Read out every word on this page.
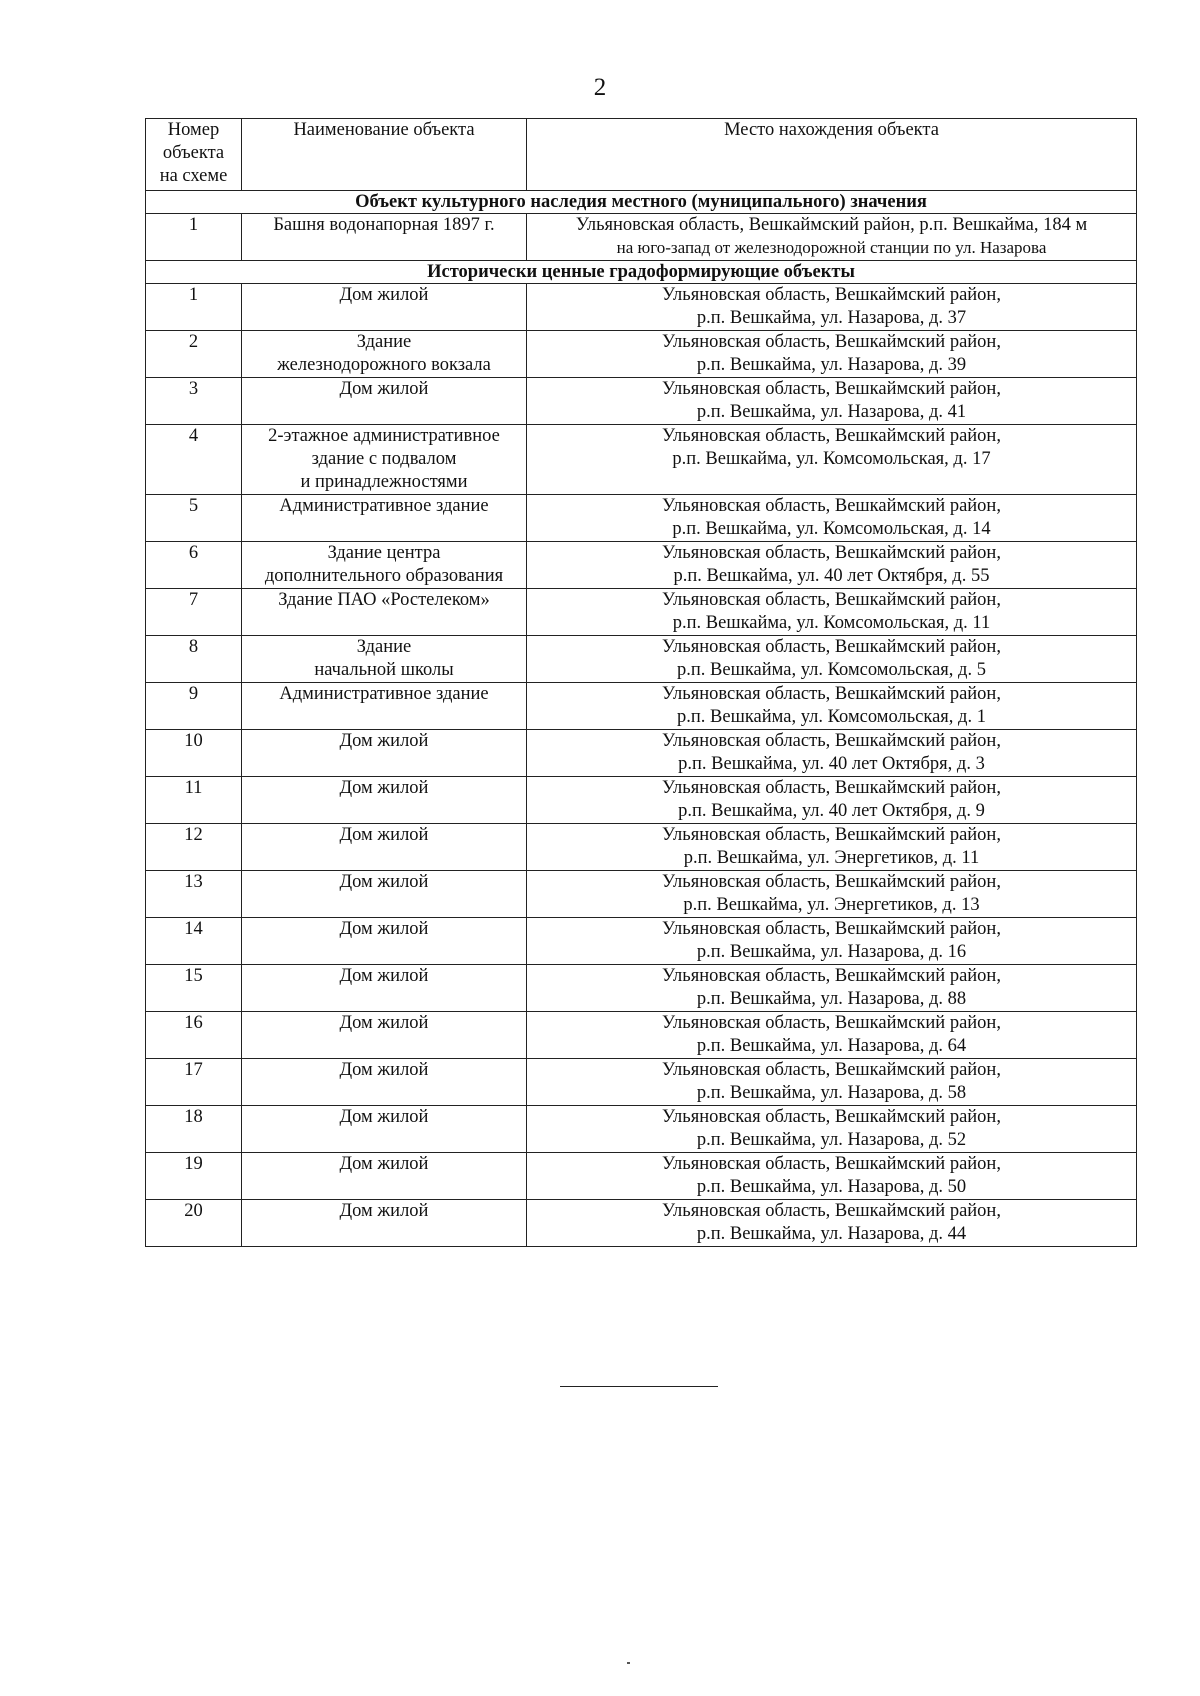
2
Номер
объекта
на схеме	Наименование объекта	Место нахождения объекта
Объект культурного наследия местного (муниципального) значения		
1	Башня водонапорная 1897 г.	Ульяновская область, Вешкаймский район, р.п. Вешкайма, 184 м
на юго-запад от железнодорожной станции по ул. Назарова

Исторически ценные градоформирующие объекты		
1	Дом жилой	Ульяновская область, Вешкаймский район,
р.п. Вешкайма, ул. Назарова, д. 37

2	Здание
железнодорожного вокзала	Ульяновская область, Вешкаймский район,
р.п. Вешкайма, ул. Назарова, д. 39

3	Дом жилой	Ульяновская область, Вешкаймский район,
р.п. Вешкайма, ул. Назарова, д. 41

4	2-этажное административное
здание с подвалом
и принадлежностями	Ульяновская область, Вешкаймский район,
р.п. Вешкайма, ул. Комсомольская, д. 17

5	Административное здание	Ульяновская область, Вешкаймский район,
р.п. Вешкайма, ул. Комсомольская, д. 14

6	Здание центра
дополнительного образования	Ульяновская область, Вешкаймский район,
р.п. Вешкайма, ул. 40 лет Октября, д. 55

7	Здание ПАО «Ростелеком»	Ульяновская область, Вешкаймский район,
р.п. Вешкайма, ул. Комсомольская, д. 11

8	Здание
начальной школы	Ульяновская область, Вешкаймский район,
р.п. Вешкайма, ул. Комсомольская, д. 5

9	Административное здание	Ульяновская область, Вешкаймский район,
р.п. Вешкайма, ул. Комсомольская, д. 1

10	Дом жилой	Ульяновская область, Вешкаймский район,
р.п. Вешкайма, ул. 40 лет Октября, д. 3

11	Дом жилой	Ульяновская область, Вешкаймский район,
р.п. Вешкайма, ул. 40 лет Октября, д. 9

12	Дом жилой	Ульяновская область, Вешкаймский район,
р.п. Вешкайма, ул. Энергетиков, д. 11

13	Дом жилой	Ульяновская область, Вешкаймский район,
р.п. Вешкайма, ул. Энергетиков, д. 13

14	Дом жилой	Ульяновская область, Вешкаймский район,
р.п. Вешкайма, ул. Назарова, д. 16

15	Дом жилой	Ульяновская область, Вешкаймский район,
р.п. Вешкайма, ул. Назарова, д. 88

16	Дом жилой	Ульяновская область, Вешкаймский район,
р.п. Вешкайма, ул. Назарова, д. 64

17	Дом жилой	Ульяновская область, Вешкаймский район,
р.п. Вешкайма, ул. Назарова, д. 58

18	Дом жилой	Ульяновская область, Вешкаймский район,
р.п. Вешкайма, ул. Назарова, д. 52

19	Дом жилой	Ульяновская область, Вешкаймский район,
р.п. Вешкайма, ул. Назарова, д. 50

20	Дом жилой	Ульяновская область, Вешкаймский район,
р.п. Вешкайма, ул. Назарова, д. 44
